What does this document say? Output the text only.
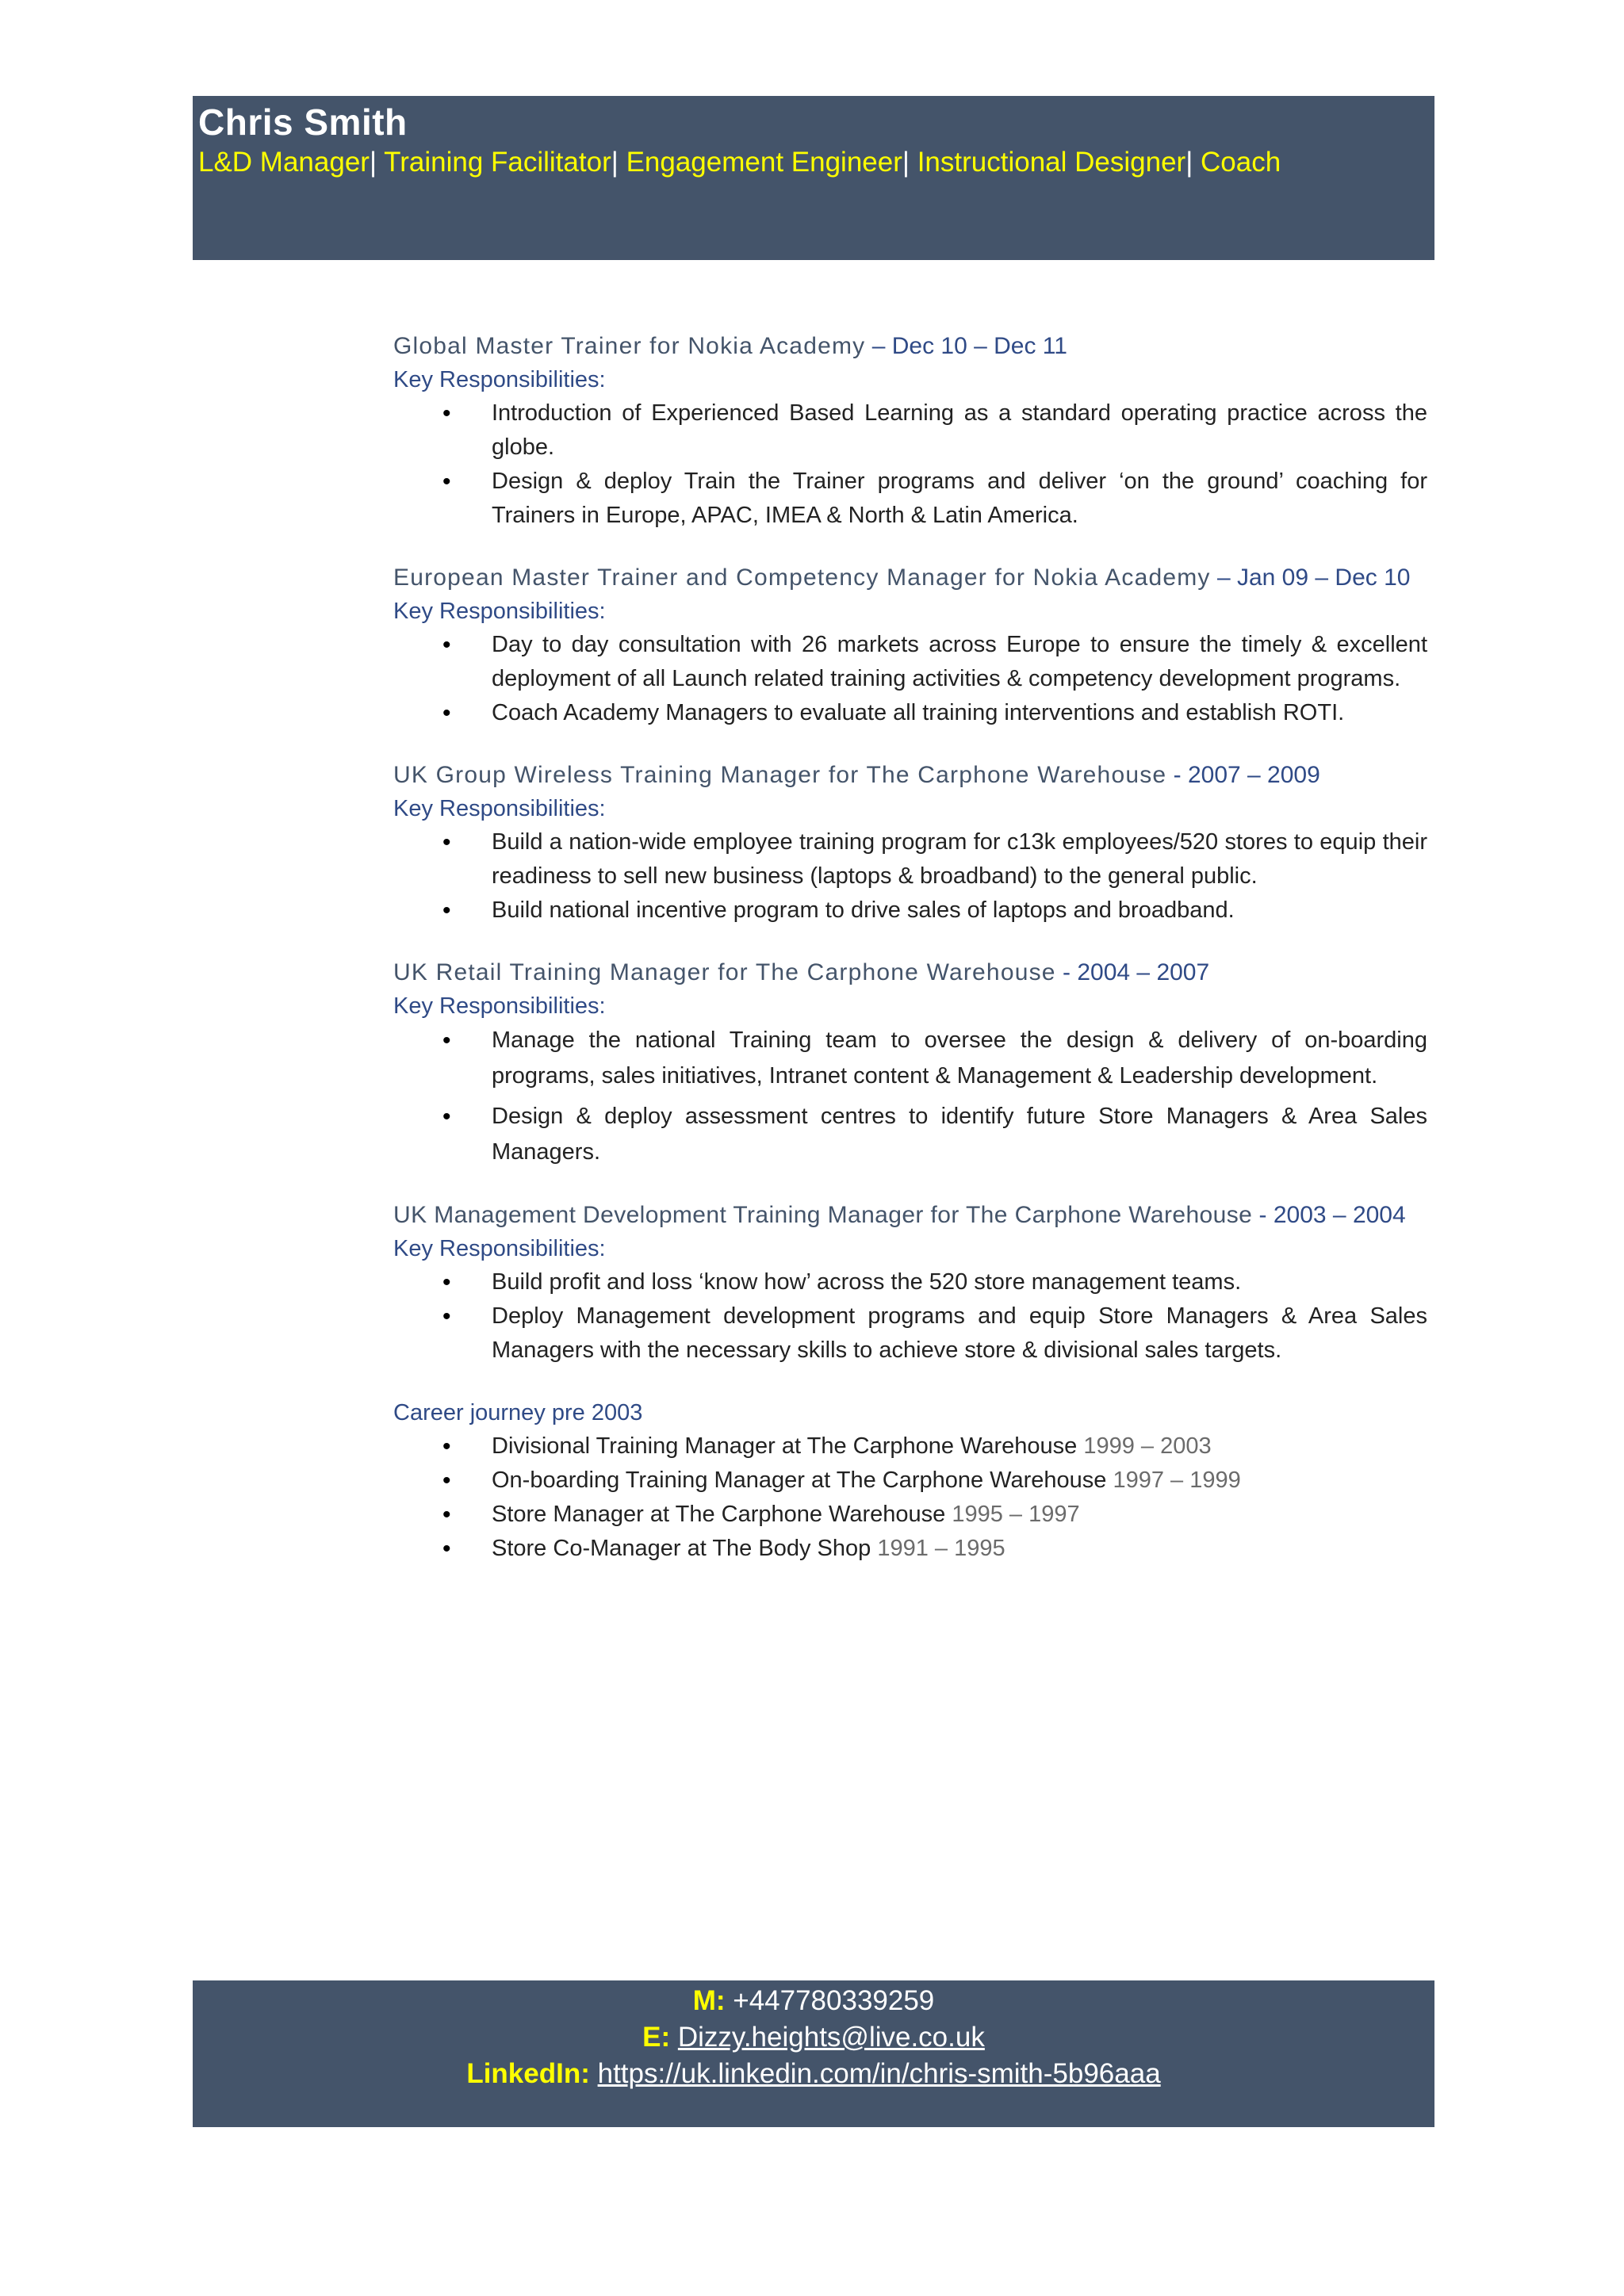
Chris Smith
L&D Manager| Training Facilitator| Engagement Engineer| Instructional Designer| Coach
Global Master Trainer for Nokia Academy – Dec 10 – Dec 11
Key Responsibilities:
• Introduction of Experienced Based Learning as a standard operating practice across the globe.
• Design & deploy Train the Trainer programs and deliver ‘on the ground’ coaching for Trainers in Europe, APAC, IMEA & North & Latin America.
European Master Trainer and Competency Manager for Nokia Academy – Jan 09 – Dec 10
Key Responsibilities:
• Day to day consultation with 26 markets across Europe to ensure the timely & excellent deployment of all Launch related training activities & competency development programs.
• Coach Academy Managers to evaluate all training interventions and establish ROTI.
UK Group Wireless Training Manager for The Carphone Warehouse - 2007 – 2009
Key Responsibilities:
• Build a nation-wide employee training program for c13k employees/520 stores to equip their readiness to sell new business (laptops & broadband) to the general public.
• Build national incentive program to drive sales of laptops and broadband.
UK Retail Training Manager for The Carphone Warehouse - 2004 – 2007
Key Responsibilities:
• Manage the national Training team to oversee the design & delivery of on-boarding programs, sales initiatives, Intranet content & Management & Leadership development.
• Design & deploy assessment centres to identify future Store Managers & Area Sales Managers.
UK Management Development Training Manager for The Carphone Warehouse - 2003 – 2004
Key Responsibilities:
• Build profit and loss ‘know how’ across the 520 store management teams.
• Deploy Management development programs and equip Store Managers & Area Sales Managers with the necessary skills to achieve store & divisional sales targets.
Career journey pre 2003
• Divisional Training Manager at The Carphone Warehouse 1999 – 2003
• On-boarding Training Manager at The Carphone Warehouse 1997 – 1999
• Store Manager at The Carphone Warehouse 1995 – 1997
• Store Co-Manager at The Body Shop 1991 – 1995
M: +447780339259
E: Dizzy.heights@live.co.uk
LinkedIn: https://uk.linkedin.com/in/chris-smith-5b96aaa
